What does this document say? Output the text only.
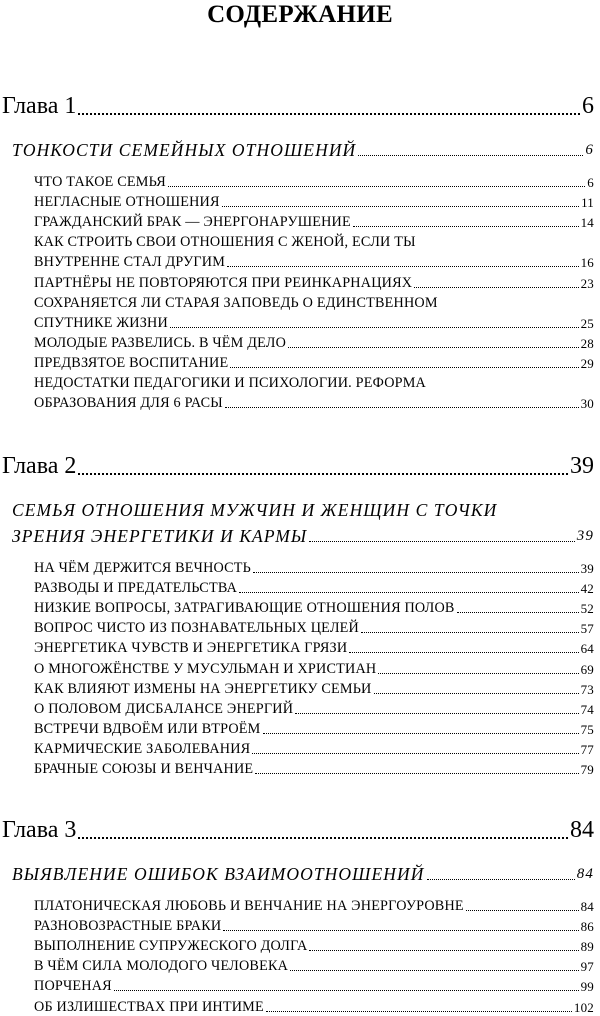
СОДЕРЖАНИЕ
Глава 1	6
ТОНКОСТИ СЕМЕЙНЫХ ОТНОШЕНИЙ	6
ЧТО ТАКОЕ СЕМЬЯ	6
НЕГЛАСНЫЕ ОТНОШЕНИЯ	11
ГРАЖДАНСКИЙ БРАК — ЭНЕРГОНАРУШЕНИЕ	14
КАК СТРОИТЬ СВОИ ОТНОШЕНИЯ С ЖЕНОЙ, ЕСЛИ ТЫ
ВНУТРЕННЕ СТАЛ ДРУГИМ	16
ПАРТНЁРЫ НЕ ПОВТОРЯЮТСЯ ПРИ РЕИНКАРНАЦИЯХ	23
СОХРАНЯЕТСЯ ЛИ СТАРАЯ ЗАПОВЕДЬ О ЕДИНСТВЕННОМ
СПУТНИКЕ ЖИЗНИ	25
МОЛОДЫЕ РАЗВЕЛИСЬ. В ЧЁМ ДЕЛО	28
ПРЕДВЗЯТОЕ ВОСПИТАНИЕ	29
НЕДОСТАТКИ ПЕДАГОГИКИ И ПСИХОЛОГИИ. РЕФОРМА
ОБРАЗОВАНИЯ ДЛЯ 6 РАСЫ	30
Глава 2	39
СЕМЬЯ ОТНОШЕНИЯ МУЖЧИН И ЖЕНЩИН С ТОЧКИ
ЗРЕНИЯ ЭНЕРГЕТИКИ И КАРМЫ	39
НА ЧЁМ ДЕРЖИТСЯ ВЕЧНОСТЬ	39
РАЗВОДЫ И ПРЕДАТЕЛЬСТВА	42
НИЗКИЕ ВОПРОСЫ, ЗАТРАГИВАЮЩИЕ ОТНОШЕНИЯ ПОЛОВ	52
ВОПРОС ЧИСТО ИЗ ПОЗНАВАТЕЛЬНЫХ ЦЕЛЕЙ	57
ЭНЕРГЕТИКА ЧУВСТВ И ЭНЕРГЕТИКА ГРЯЗИ	64
О МНОГОЖЁНСТВЕ У МУСУЛЬМАН И ХРИСТИАН	69
КАК ВЛИЯЮТ ИЗМЕНЫ НА ЭНЕРГЕТИКУ СЕМЬИ	73
О ПОЛОВОМ ДИСБАЛАНСЕ ЭНЕРГИЙ	74
ВСТРЕЧИ ВДВОЁМ ИЛИ ВТРОЁМ	75
КАРМИЧЕСКИЕ ЗАБОЛЕВАНИЯ	77
БРАЧНЫЕ СОЮЗЫ И ВЕНЧАНИЕ	79
Глава 3	84
ВЫЯВЛЕНИЕ ОШИБОК ВЗАИМООТНОШЕНИЙ	84
ПЛАТОНИЧЕСКАЯ ЛЮБОВЬ И ВЕНЧАНИЕ НА ЭНЕРГОУРОВНЕ	84
РАЗНОВОЗРАСТНЫЕ БРАКИ	86
ВЫПОЛНЕНИЕ СУПРУЖЕСКОГО ДОЛГА	89
В ЧЁМ СИЛА МОЛОДОГО ЧЕЛОВЕКА	97
ПОРЧЕНАЯ	99
ОБ ИЗЛИШЕСТВАХ ПРИ ИНТИМЕ	102
